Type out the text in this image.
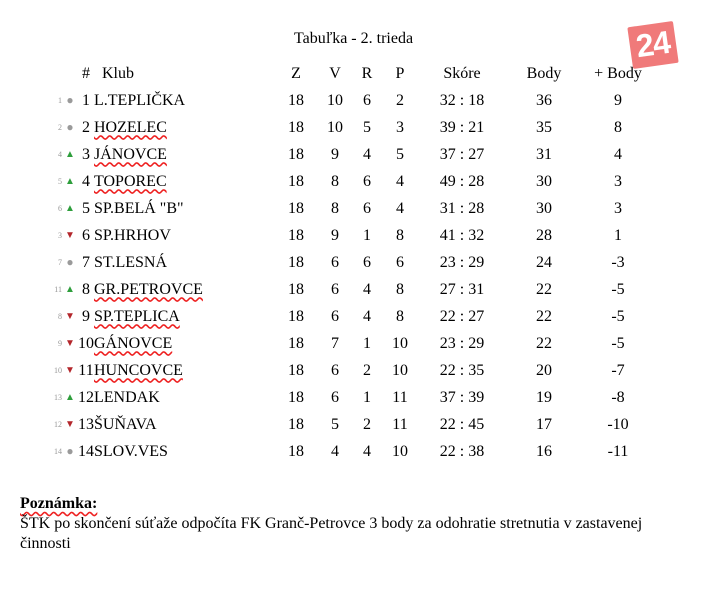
Tabuľka - 2. trieda	24
		#	Klub	Z	V	R	P	Skóre	Body	+ Body
1	●	1	L.TEPLIČKA	18	10	6	2	32 : 18	36	9
2	●	2	HOZELEC	18	10	5	3	39 : 21	35	8
4	▲	3	JÁNOVCE	18	9	4	5	37 : 27	31	4
5	▲	4	TOPOREC	18	8	6	4	49 : 28	30	3
6	▲	5	SP.BELÁ "B"	18	8	6	4	31 : 28	30	3
3	▼	6	SP.HRHOV	18	9	1	8	41 : 32	28	1
7	●	7	ST.LESNÁ	18	6	6	6	23 : 29	24	-3
11	▲	8	GR.PETROVCE	18	6	4	8	27 : 31	22	-5
8	▼	9	SP.TEPLICA	18	6	4	8	22 : 27	22	-5
9	▼	10	GÁNOVCE	18	7	1	10	23 : 29	22	-5
10	▼	11	HUNCOVCE	18	6	2	10	22 : 35	20	-7
13	▲	12	LENDAK	18	6	1	11	37 : 39	19	-8
12	▼	13	ŠUŇAVA	18	5	2	11	22 : 45	17	-10
14	●	14	SLOV.VES	18	4	4	10	22 : 38	16	-11
Poznámka:
ŠTK po skončení súťaže odpočíta FK Granč-Petrovce 3 body za odohratie stretnutia v zastavenej činnosti
